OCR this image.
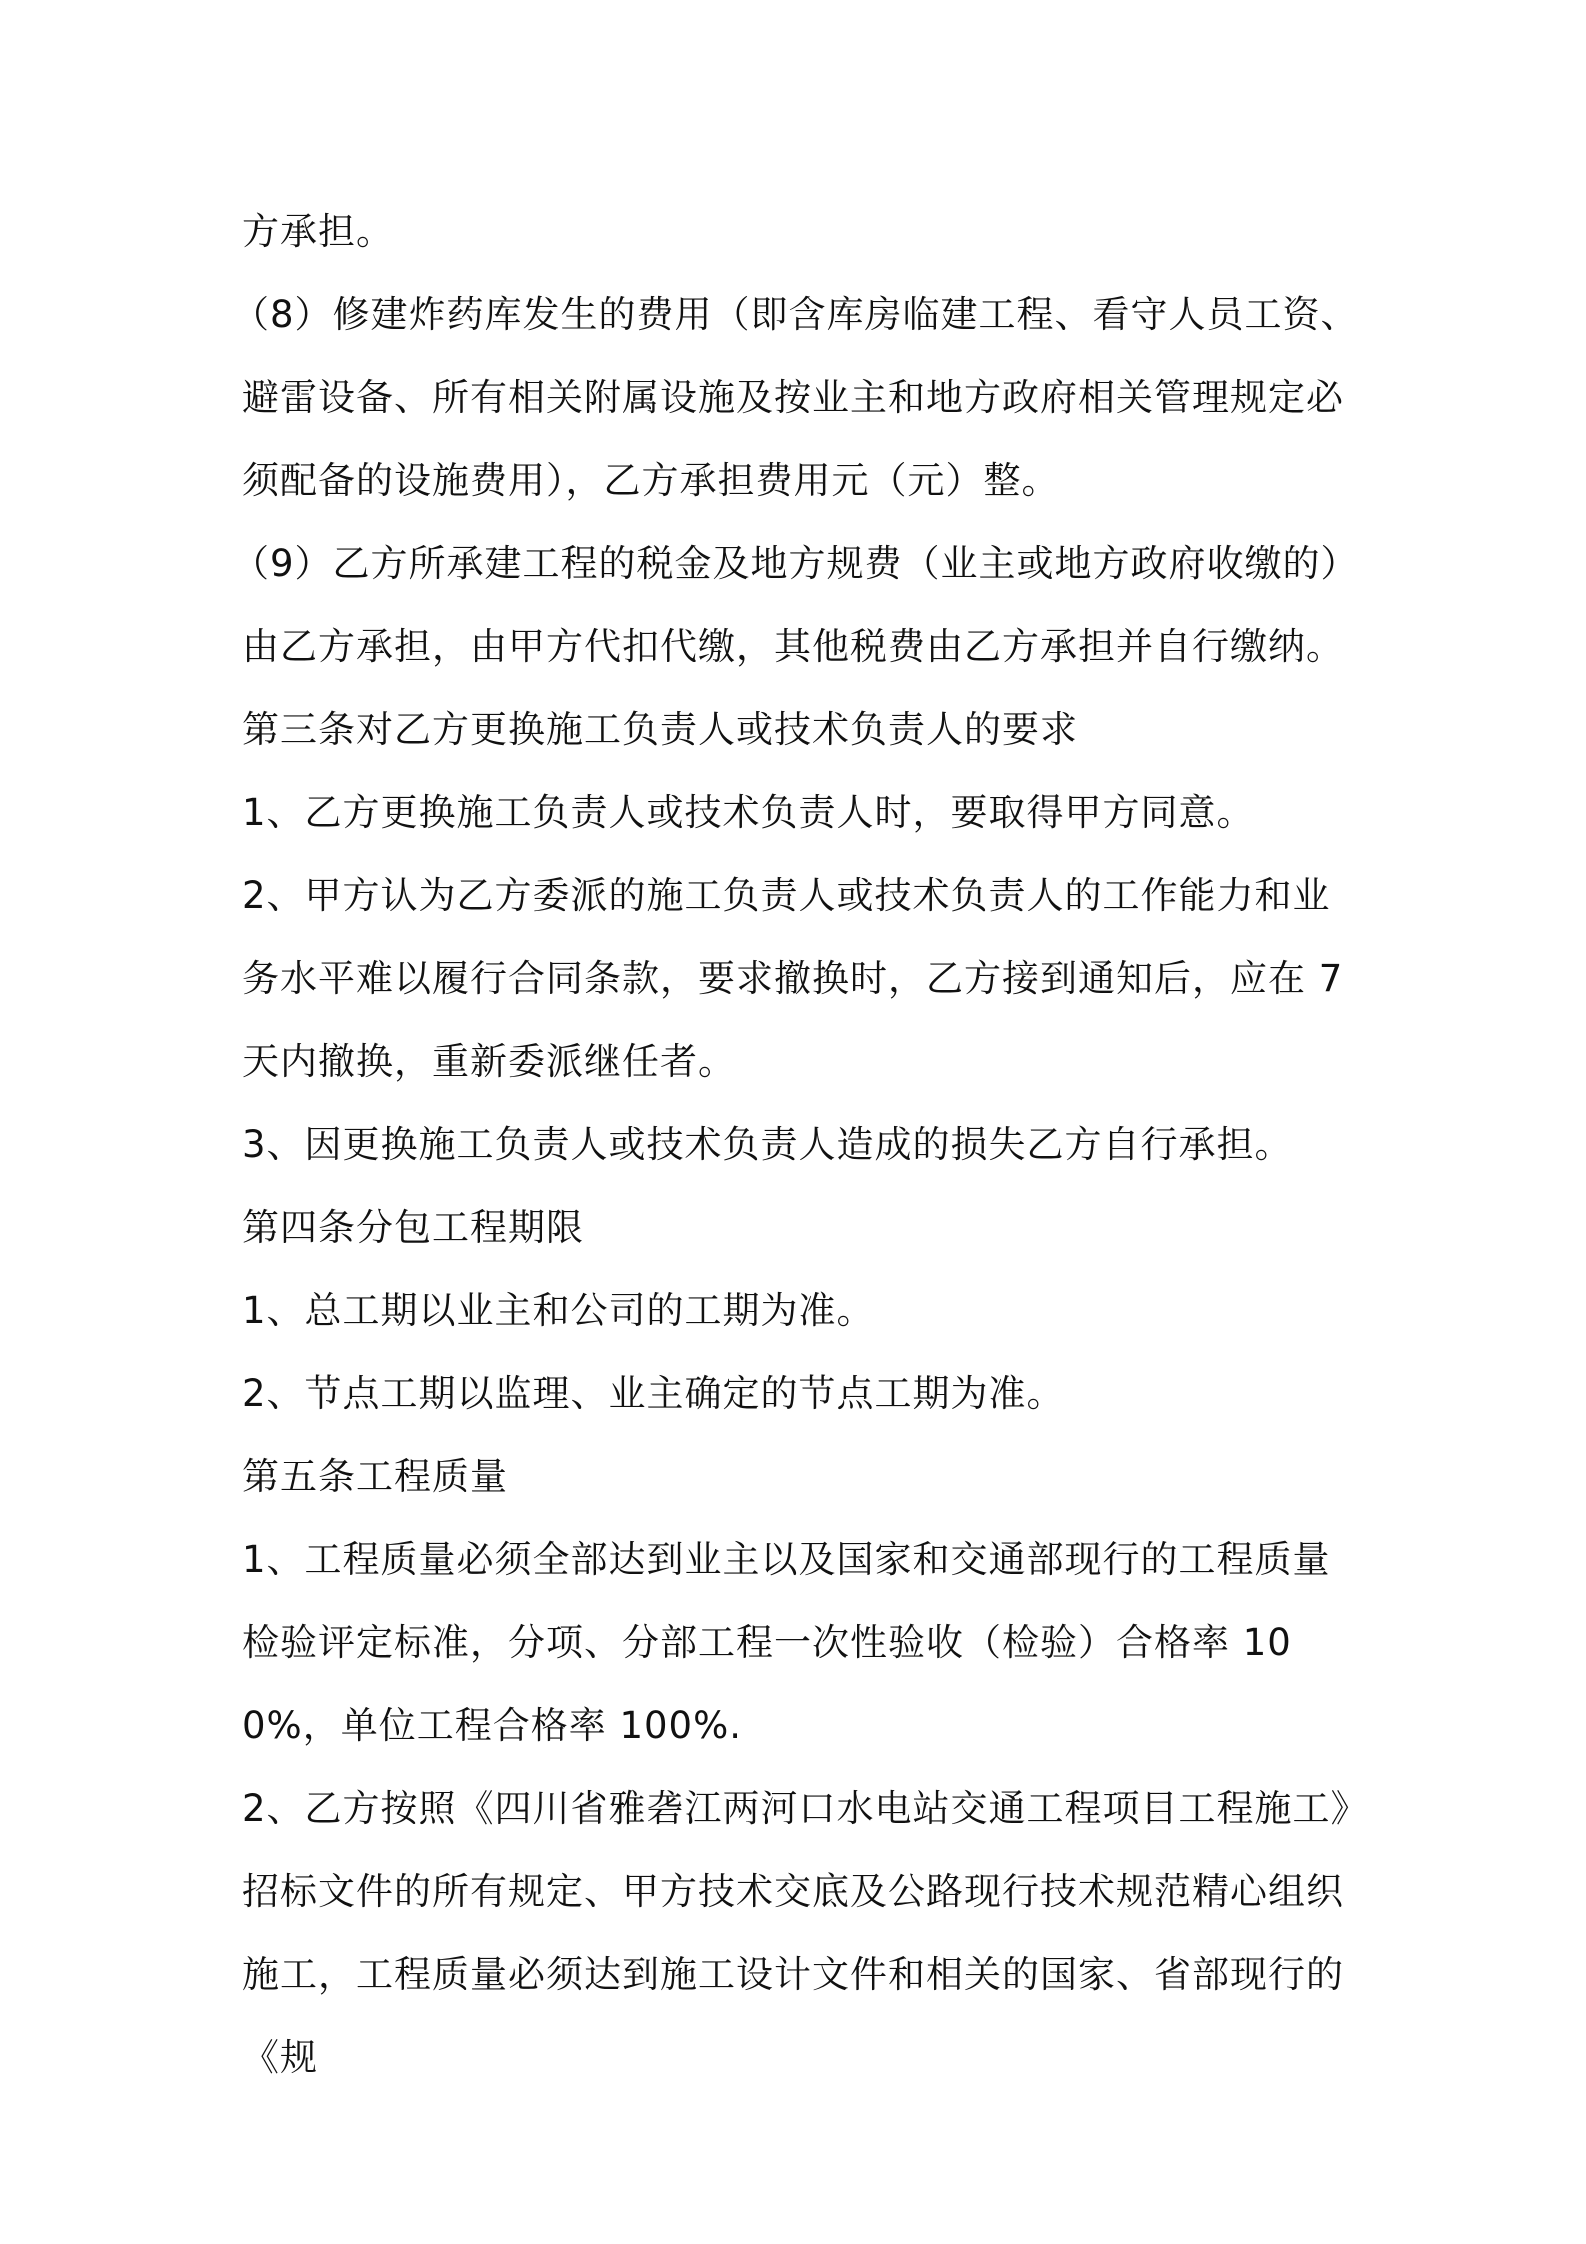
方承担。

（8）修建炸药库发生的费用（即含库房临建工程、看守人员工资、避雷设备、所有相关附属设施及按业主和地方政府相关管理规定必须配备的设施费用），乙方承担费用元（元）整。

（9）乙方所承建工程的税金及地方规费（业主或地方政府收缴的）由乙方承担，由甲方代扣代缴，其他税费由乙方承担并自行缴纳。

第三条对乙方更换施工负责人或技术负责人的要求

1、乙方更换施工负责人或技术负责人时，要取得甲方同意。

2、甲方认为乙方委派的施工负责人或技术负责人的工作能力和业务水平难以履行合同条款，要求撤换时，乙方接到通知后，应在 7 天内撤换，重新委派继任者。

3、因更换施工负责人或技术负责人造成的损失乙方自行承担。

第四条分包工程期限

1、总工期以业主和公司的工期为准。

2、节点工期以监理、业主确定的节点工期为准。

第五条工程质量

1、工程质量必须全部达到业主以及国家和交通部现行的工程质量检验评定标准，分项、分部工程一次性验收（检验）合格率 100%，单位工程合格率 100%.

2、乙方按照《四川省雅砻江两河口水电站交通工程项目工程施工》招标文件的所有规定、甲方技术交底及公路现行技术规范精心组织施工，工程质量必须达到施工设计文件和相关的国家、省部现行的《规
